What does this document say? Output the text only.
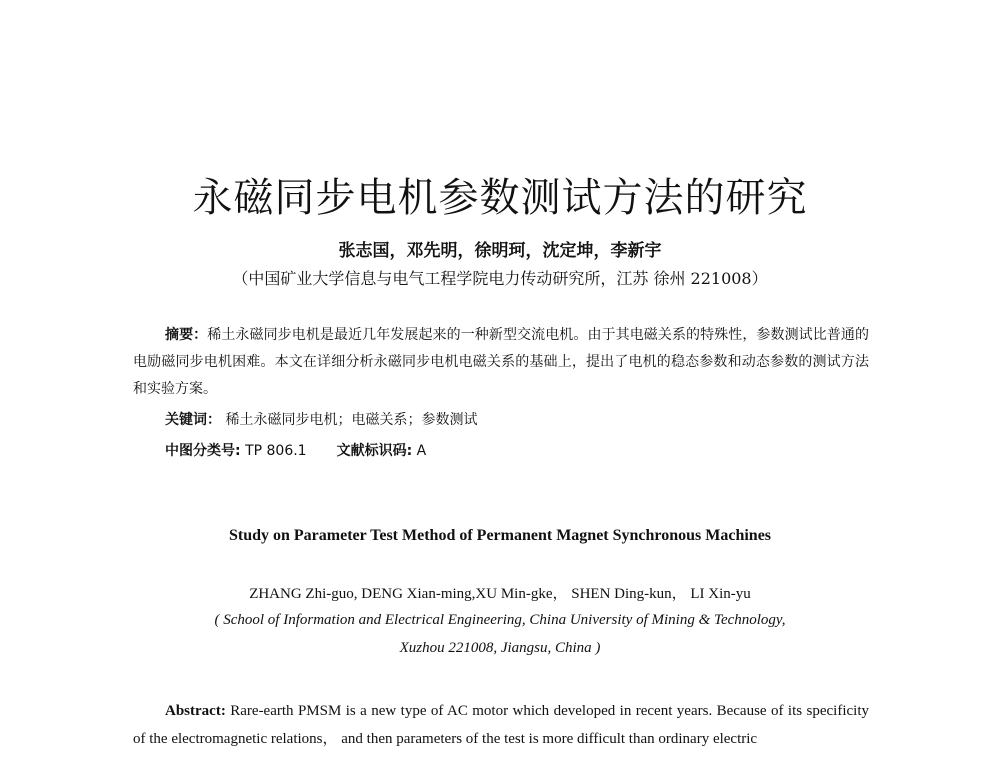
永磁同步电机参数测试方法的研究
张志国，邓先明，徐明珂，沈定坤，李新宇
（中国矿业大学信息与电气工程学院电力传动研究所，江苏 徐州 221008）
摘要：稀土永磁同步电机是最近几年发展起来的一种新型交流电机。由于其电磁关系的特殊性，参数测试比普通的电励磁同步电机困难。本文在详细分析永磁同步电机电磁关系的基础上，提出了电机的稳态参数和动态参数的测试方法和实验方案。
关键词： 稀土永磁同步电机；电磁关系；参数测试
中图分类号: TP 806.1 文献标识码: A
Study on Parameter Test Method of Permanent Magnet Synchronous Machines
ZHANG Zhi-guo, DENG Xian-ming,XU Min-gke， SHEN Ding-kun， LI Xin-yu
( School of Information and Electrical Engineering, China University of Mining & Technology,
Xuzhou 221008, Jiangsu, China )
Abstract: Rare-earth PMSM is a new type of AC motor which developed in recent years. Because of its specificity of the electromagnetic relations， and then parameters of the test is more difficult than ordinary electric
